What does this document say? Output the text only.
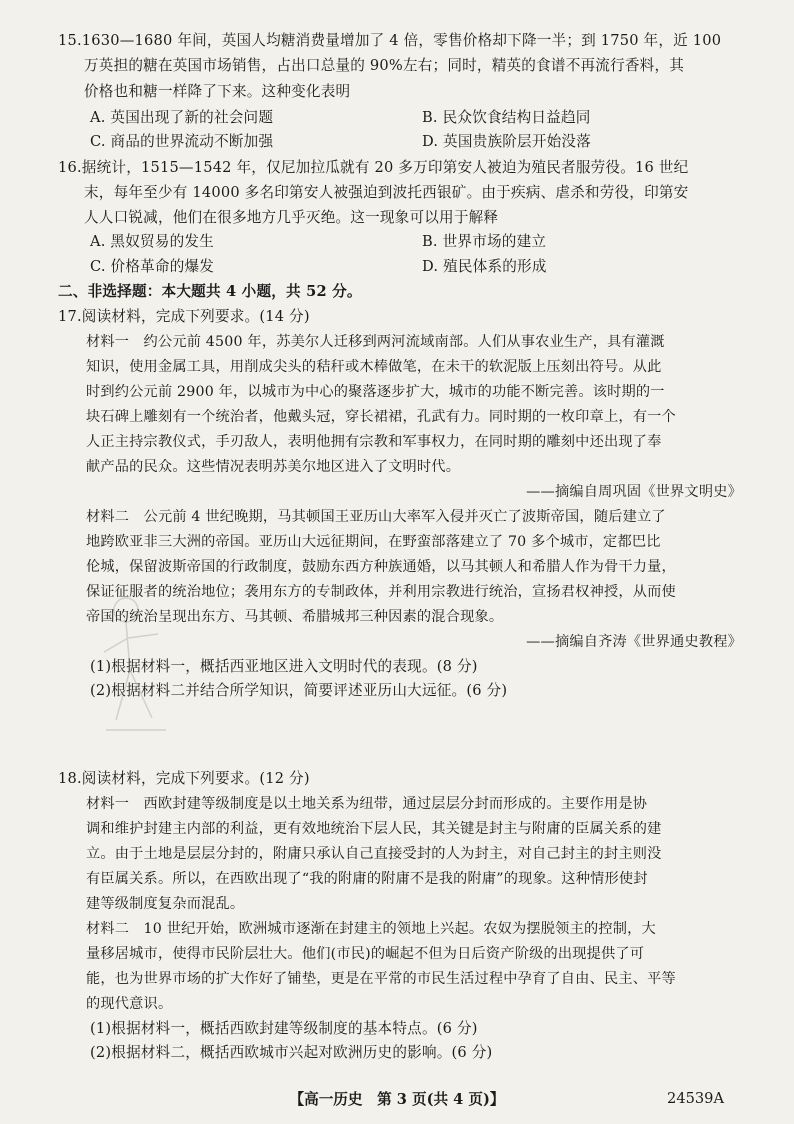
15.1630—1680 年间，英国人均糖消费量增加了 4 倍，零售价格却下降一半；到 1750 年，近 100
万英担的糖在英国市场销售，占出口总量的 90%左右；同时，精英的食谱不再流行香料，其
价格也和糖一样降了下来。这种变化表明
A. 英国出现了新的社会问题	B. 民众饮食结构日益趋同
C. 商品的世界流动不断加强	D. 英国贵族阶层开始没落
16.据统计，1515—1542 年，仅尼加拉瓜就有 20 多万印第安人被迫为殖民者服劳役。16 世纪
末，每年至少有 14000 多名印第安人被强迫到波托西银矿。由于疾病、虐杀和劳役，印第安
人人口锐减，他们在很多地方几乎灭绝。这一现象可以用于解释
A. 黑奴贸易的发生	B. 世界市场的建立
C. 价格革命的爆发	D. 殖民体系的形成
二、非选择题：本大题共 4 小题，共 52 分。
17.阅读材料，完成下列要求。(14 分)
材料一　约公元前 4500 年，苏美尔人迁移到两河流域南部。人们从事农业生产，具有灌溉
知识，使用金属工具，用削成尖头的秸秆或木棒做笔，在未干的软泥版上压刻出符号。从此
时到约公元前 2900 年，以城市为中心的聚落逐步扩大，城市的功能不断完善。该时期的一
块石碑上雕刻有一个统治者，他戴头冠，穿长裙裙，孔武有力。同时期的一枚印章上，有一个
人正主持宗教仪式，手刃敌人，表明他拥有宗教和军事权力，在同时期的雕刻中还出现了奉
献产品的民众。这些情况表明苏美尔地区进入了文明时代。
——摘编自周巩固《世界文明史》
材料二　公元前 4 世纪晚期，马其顿国王亚历山大率军入侵并灭亡了波斯帝国，随后建立了
地跨欧亚非三大洲的帝国。亚历山大远征期间，在野蛮部落建立了 70 多个城市，定都巴比
伦城，保留波斯帝国的行政制度，鼓励东西方种族通婚，以马其顿人和希腊人作为骨干力量，
保证征服者的统治地位；袭用东方的专制政体，并利用宗教进行统治，宣扬君权神授，从而使
帝国的统治呈现出东方、马其顿、希腊城邦三种因素的混合现象。
——摘编自齐涛《世界通史教程》
(1)根据材料一，概括西亚地区进入文明时代的表现。(8 分)
(2)根据材料二并结合所学知识，简要评述亚历山大远征。(6 分)
18.阅读材料，完成下列要求。(12 分)
材料一　西欧封建等级制度是以土地关系为纽带，通过层层分封而形成的。主要作用是协
调和维护封建主内部的利益，更有效地统治下层人民，其关键是封主与附庸的臣属关系的建
立。由于土地是层层分封的，附庸只承认自己直接受封的人为封主，对自己封主的封主则没
有臣属关系。所以，在西欧出现了“我的附庸的附庸不是我的附庸”的现象。这种情形使封
建等级制度复杂而混乱。
材料二　10 世纪开始，欧洲城市逐渐在封建主的领地上兴起。农奴为摆脱领主的控制，大
量移居城市，使得市民阶层壮大。他们(市民)的崛起不但为日后资产阶级的出现提供了可
能，也为世界市场的扩大作好了铺垫，更是在平常的市民生活过程中孕育了自由、民主、平等
的现代意识。
(1)根据材料一，概括西欧封建等级制度的基本特点。(6 分)
(2)根据材料二，概括西欧城市兴起对欧洲历史的影响。(6 分)
【高一历史　第 3 页(共 4 页)】	24539A
